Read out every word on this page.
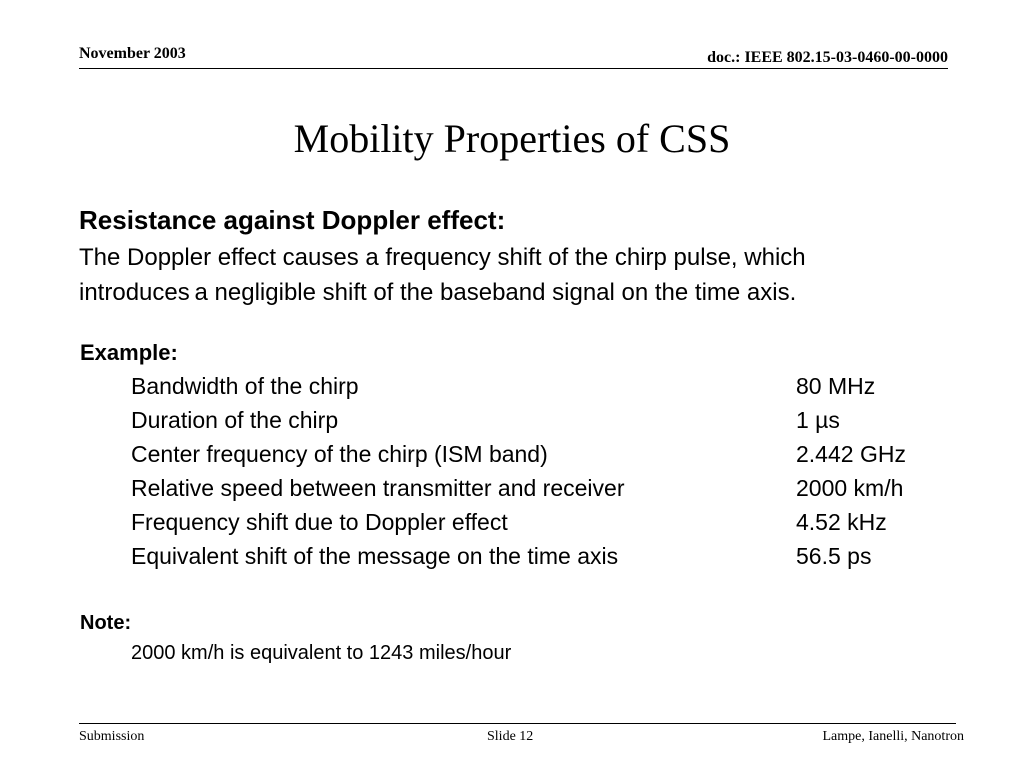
November 2003	doc.: IEEE 802.15-03-0460-00-0000
Mobility Properties of CSS
Resistance against Doppler effect:
The Doppler effect causes a frequency shift of the chirp pulse, which
introduces a negligible shift of the baseband signal on the time axis.
Example:
Bandwidth of the chirp	80 MHz
Duration of the chirp	1 µs
Center frequency of the chirp (ISM band)	2.442 GHz
Relative speed between transmitter and receiver	2000 km/h
Frequency shift due to Doppler effect	4.52 kHz
Equivalent shift of the message on the time axis	56.5 ps
Note:
2000 km/h is equivalent to 1243 miles/hour
Submission	Slide 12	Lampe, Ianelli, Nanotron
